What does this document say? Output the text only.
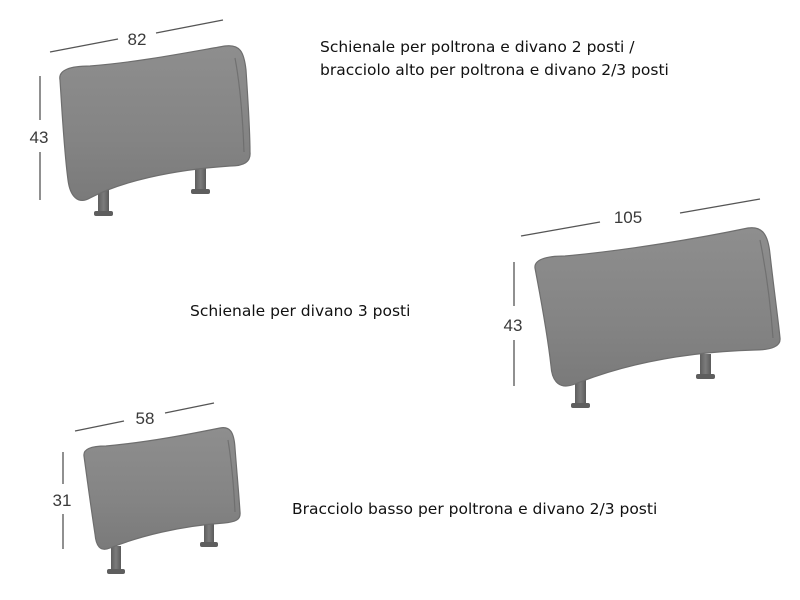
82
43
105
43
58
31
Schienale per poltrona e divano 2 posti /
bracciolo alto per poltrona e divano 2/3 posti
Schienale per divano 3 posti
Bracciolo basso per poltrona e divano 2/3 posti
